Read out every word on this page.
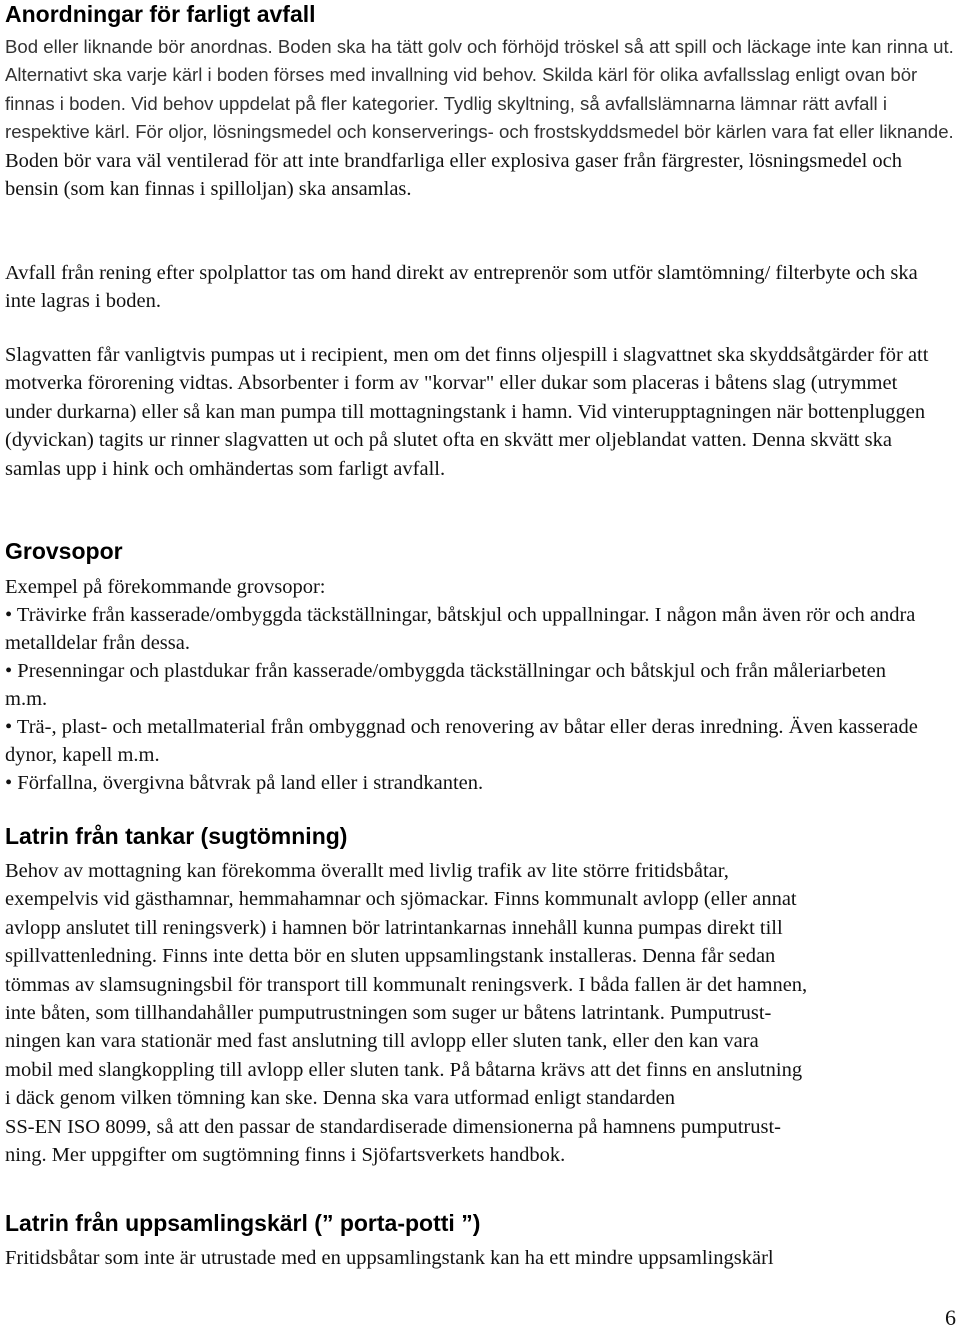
Anordningar för farligt avfall

Bod eller liknande bör anordnas. Boden ska ha tätt golv och förhöjd tröskel så att spill och läckage inte kan rinna ut. Alternativt ska varje kärl i boden förses med invallning vid behov. Skilda kärl för olika avfallsslag enligt ovan bör finnas i boden. Vid behov uppdelat på fler kategorier. Tydlig skyltning, så avfallslämnarna lämnar rätt avfall i respektive kärl. För oljor, lösningsmedel och konserverings- och frostskyddsmedel bör kärlen vara fat eller liknande. Boden bör vara väl ventilerad för att inte brandfarliga eller explosiva gaser från färgrester, lösningsmedel och bensin (som kan finnas i spilloljan) ska ansamlas.

Avfall från rening efter spolplattor tas om hand direkt av entreprenör som utför slamtömning/ filterbyte och ska inte lagras i boden.

Slagvatten får vanligtvis pumpas ut i recipient, men om det finns oljespill i slagvattnet ska skyddsåtgärder för att motverka förorening vidtas. Absorbenter i form av "korvar" eller dukar som placeras i båtens slag (utrymmet under durkarna) eller så kan man pumpa till mottagningstank i hamn. Vid vinterupptagningen när bottenpluggen (dyvickan) tagits ur rinner slagvatten ut och på slutet ofta en skvätt mer oljeblandat vatten. Denna skvätt ska samlas upp i hink och omhändertas som farligt avfall.

Grovsopor

Exempel på förekommande grovsopor:

• Trävirke från kasserade/ombyggda täckställningar, båtskjul och uppallningar. I någon mån även rör och andra metalldelar från dessa.

• Presenningar och plastdukar från kasserade/ombyggda täckställningar och båtskjul och från måleriarbeten m.m.

• Trä-, plast- och metallmaterial från ombyggnad och renovering av båtar eller deras inredning. Även kasserade dynor, kapell m.m.

• Förfallna, övergivna båtvrak på land eller i strandkanten.

Latrin från tankar (sugtömning)

Behov av mottagning kan förekomma överallt med livlig trafik av lite större fritidsbåtar,

exempelvis vid gästhamnar, hemmahamnar och sjömackar. Finns kommunalt avlopp (eller annat

avlopp anslutet till reningsverk) i hamnen bör latrintankarnas innehåll kunna pumpas direkt till

spillvattenledning. Finns inte detta bör en sluten uppsamlingstank installeras. Denna får sedan

tömmas av slamsugningsbil för transport till kommunalt reningsverk. I båda fallen är det hamnen,

inte båten, som tillhandahåller pumputrustningen som suger ur båtens latrintank. Pumputrust-

ningen kan vara stationär med fast anslutning till avlopp eller sluten tank, eller den kan vara

mobil med slangkoppling till avlopp eller sluten tank. På båtarna krävs att det finns en anslutning

i däck genom vilken tömning kan ske. Denna ska vara utformad enligt standarden

SS-EN ISO 8099, så att den passar de standardiserade dimensionerna på hamnens pumputrust-

ning. Mer uppgifter om sugtömning finns i Sjöfartsverkets handbok.

Latrin från uppsamlingskärl (” porta-potti ”)

Fritidsbåtar som inte är utrustade med en uppsamlingstank kan ha ett mindre uppsamlingskärl

6
